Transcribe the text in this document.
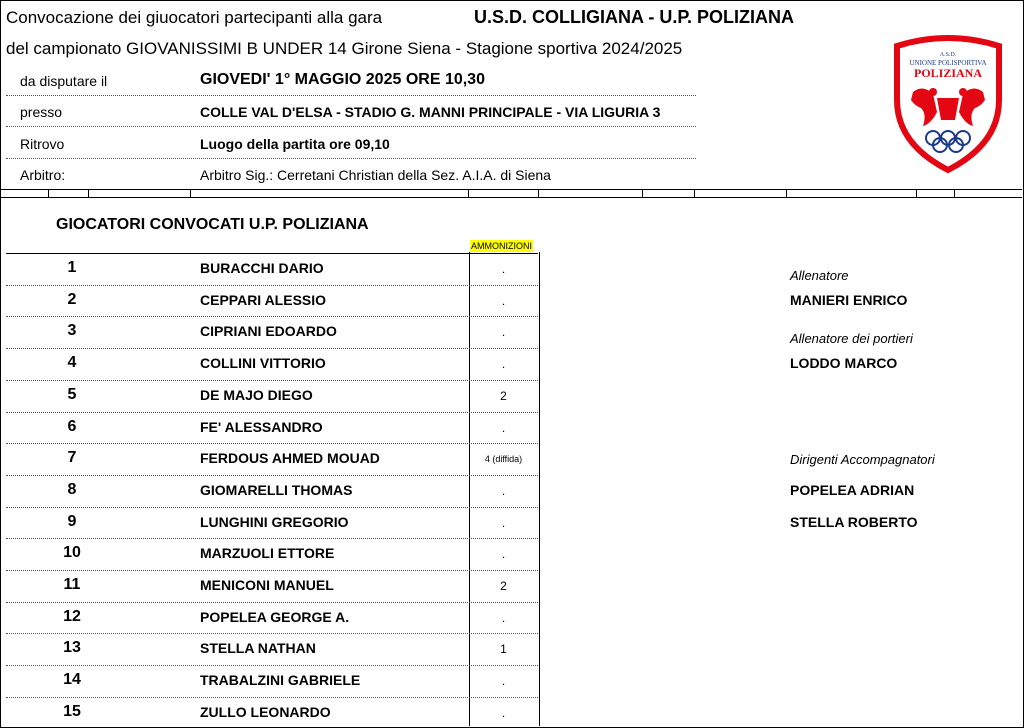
Convocazione dei giuocatori partecipanti alla gara	U.S.D. COLLIGIANA - U.P. POLIZIANA
del campionato GIOVANISSIMI B UNDER 14 Girone Siena - Stagione sportiva 2024/2025
da disputare il	GIOVEDI' 1° MAGGIO 2025 ORE 10,30
presso	COLLE VAL D'ELSA - STADIO G. MANNI PRINCIPALE - VIA LIGURIA 3
Ritrovo	Luogo della partita ore 09,10
Arbitro:	Arbitro Sig.: Cerretani Christian della Sez. A.I.A. di Siena
A.S.D.
UNIONE POLISPORTIVA
POLIZIANA
GIOCATORI CONVOCATI U.P. POLIZIANA
AMMONIZIONI
1	BURACCHI DARIO	.
2	CEPPARI ALESSIO	.
3	CIPRIANI EDOARDO	.
4	COLLINI VITTORIO	.
5	DE MAJO DIEGO	2
6	FE' ALESSANDRO	.
7	FERDOUS AHMED MOUAD	4 (diffida)
8	GIOMARELLI THOMAS	.
9	LUNGHINI GREGORIO	.
10	MARZUOLI ETTORE	.
11	MENICONI MANUEL	2
12	POPELEA GEORGE A.	.
13	STELLA NATHAN	1
14	TRABALZINI GABRIELE	.
15	ZULLO LEONARDO	.
Allenatore
MANIERI ENRICO
Allenatore dei portieri
LODDO MARCO
Dirigenti Accompagnatori
POPELEA ADRIAN
STELLA ROBERTO
